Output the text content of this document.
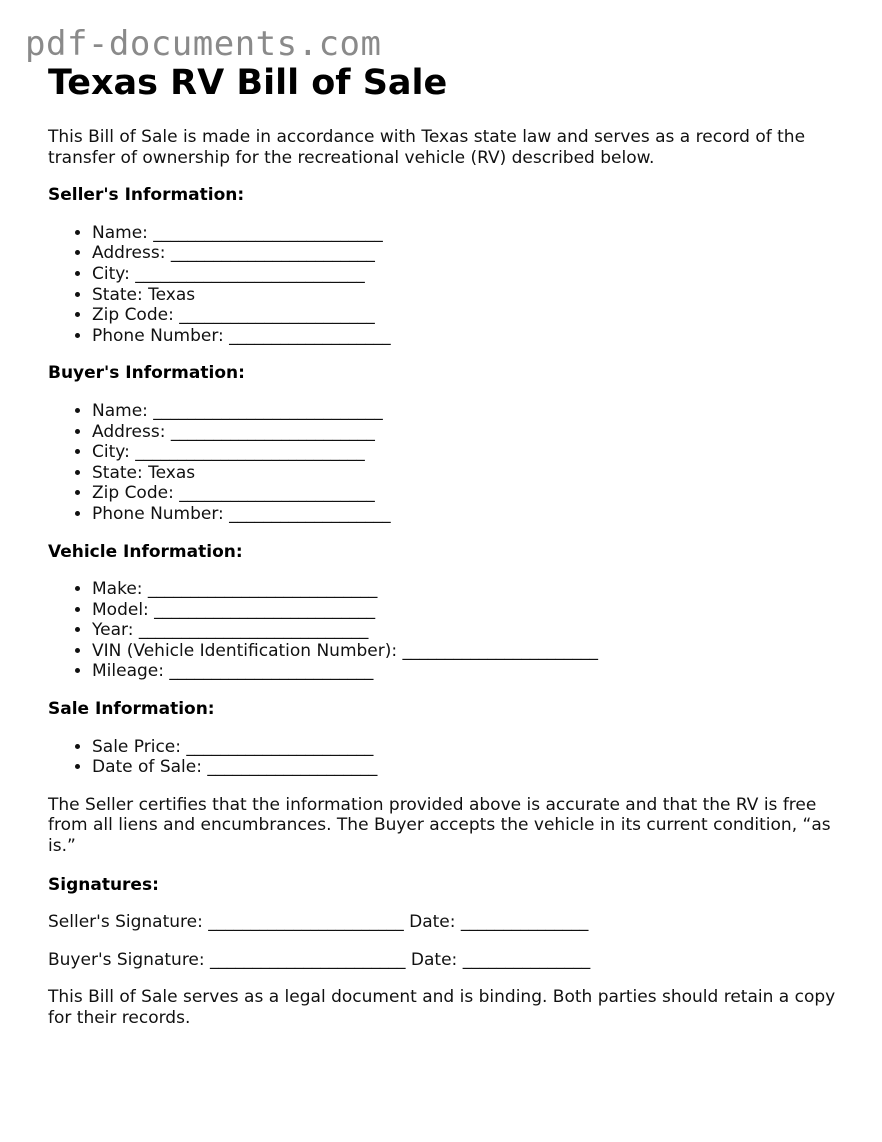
pdf-documents.com
Texas RV Bill of Sale

This Bill of Sale is made in accordance with Texas state law and serves as a record of the transfer of ownership for the recreational vehicle (RV) described below.

Seller's Information:
• Name: ___________________________
• Address: ________________________
• City: ___________________________
• State: Texas
• Zip Code: _______________________
• Phone Number: ___________________
Buyer's Information:
• Name: ___________________________
• Address: ________________________
• City: ___________________________
• State: Texas
• Zip Code: _______________________
• Phone Number: ___________________
Vehicle Information:
• Make: ___________________________
• Model: __________________________
• Year: ___________________________
• VIN (Vehicle Identification Number): _______________________
• Mileage: ________________________
Sale Information:
• Sale Price: ______________________
• Date of Sale: ____________________

The Seller certifies that the information provided above is accurate and that the RV is free from all liens and encumbrances. The Buyer accepts the vehicle in its current condition, “as is.”

Signatures:

Seller's Signature: _______________________ Date: _______________

Buyer's Signature: _______________________ Date: _______________

This Bill of Sale serves as a legal document and is binding. Both parties should retain a copy for their records.
